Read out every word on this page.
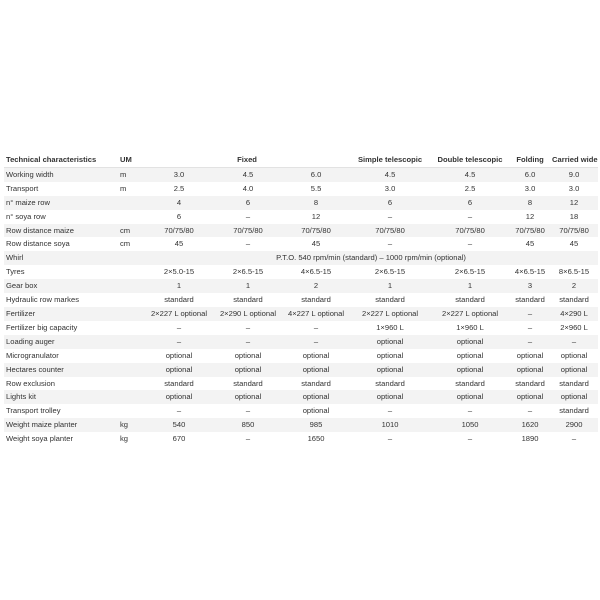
Technical characteristics	UM	Fixed			Simple telescopic	Double telescopic	Folding	Carried wide
Working width	m	3.0	4.5	6.0	4.5	4.5	6.0	9.0
Transport	m	2.5	4.0	5.5	3.0	2.5	3.0	3.0
n° maize row		4	6	8	6	6	8	12
n° soya row		6	–	12	–	–	12	18
Row distance maize	cm	70/75/80	70/75/80	70/75/80	70/75/80	70/75/80	70/75/80	70/75/80
Row distance soya	cm	45	–	45	–	–	45	45
Whirl		P.T.O. 540 rpm/min (standard) – 1000 rpm/min (optional)						
Tyres		2×5.0-15	2×6.5-15	4×6.5-15	2×6.5-15	2×6.5-15	4×6.5-15	8×6.5-15
Gear box		1	1	2	1	1	3	2
Hydraulic row markes		standard	standard	standard	standard	standard	standard	standard
Fertilizer		2×227 L optional	2×290 L optional	4×227 L optional	2×227 L optional	2×227 L optional	–	4×290 L
Fertilizer big capacity		–	–	–	1×960 L	1×960 L	–	2×960 L
Loading auger		–	–	–	optional	optional	–	–
Microgranulator		optional	optional	optional	optional	optional	optional	optional
Hectares counter		optional	optional	optional	optional	optional	optional	optional
Row exclusion		standard	standard	standard	standard	standard	standard	standard
Lights kit		optional	optional	optional	optional	optional	optional	optional
Transport trolley		–	–	optional	–	–	–	standard
Weight maize planter	kg	540	850	985	1010	1050	1620	2900
Weight soya planter	kg	670	–	1650	–	–	1890	–
